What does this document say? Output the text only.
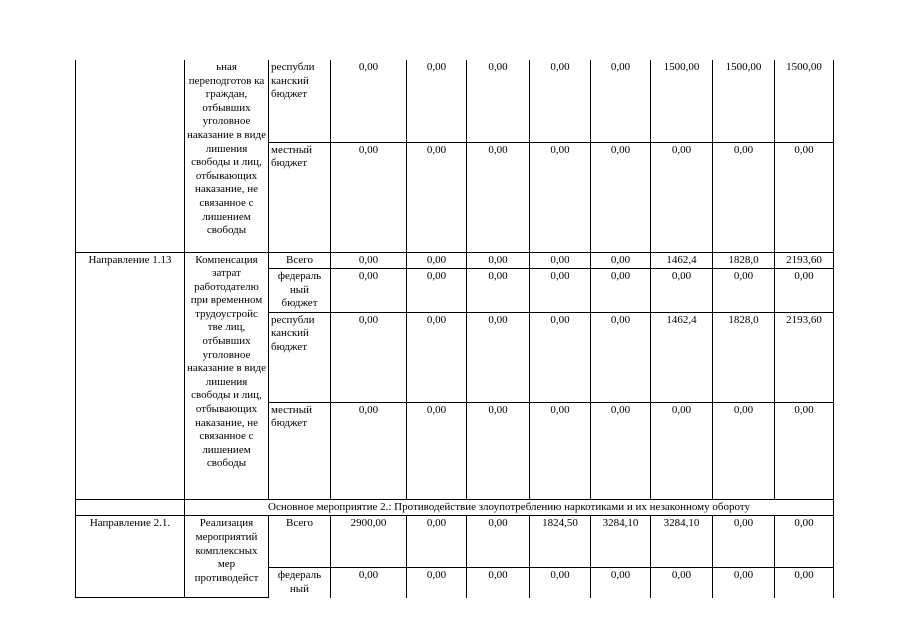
	ьная переподготов ка граждан, отбывших уголовное наказание в виде лишения свободы и лиц, отбывающих наказание, не связанное с лишением свободы	республи канский бюджет	0,00	0,00	0,00	0,00	0,00	1500,00	1500,00	1500,00
		местный бюджет	0,00	0,00	0,00	0,00	0,00	0,00	0,00	0,00
Направление 1.13	Компенсация затрат работодателю при временном трудоустройс тве лиц, отбывших уголовное наказание в виде лишения свободы и лиц, отбывающих наказание, не связанное с лишением свободы	Всего	0,00	0,00	0,00	0,00	0,00	1462,4	1828,0	2193,60
		федераль ный бюджет	0,00	0,00	0,00	0,00	0,00	0,00	0,00	0,00
		республи канский бюджет	0,00	0,00	0,00	0,00	0,00	1462,4	1828,0	2193,60
		местный бюджет	0,00	0,00	0,00	0,00	0,00	0,00	0,00	0,00
	Основное мероприятие 2.: Противодействие злоупотреблению наркотиками и их незаконному обороту									
Направление 2.1.	Реализация мероприятий комплексных мер противодейст	Всего	2900,00	0,00	0,00	1824,50	3284,10	3284,10	0,00	0,00
		федераль ный	0,00	0,00	0,00	0,00	0,00	0,00	0,00	0,00
